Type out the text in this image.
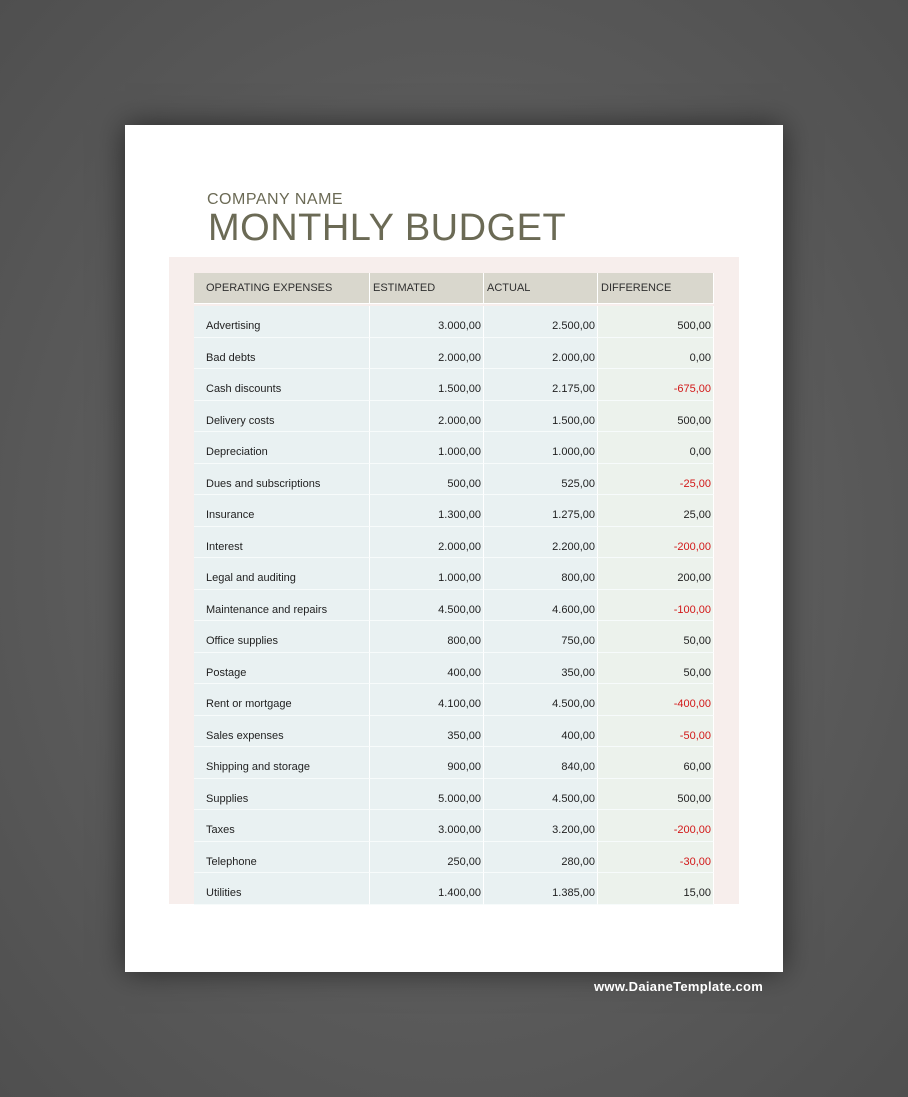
COMPANY NAME
MONTHLY BUDGET
OPERATING EXPENSES	ESTIMATED	ACTUAL	DIFFERENCE
Advertising	3.000,00	2.500,00	500,00
Bad debts	2.000,00	2.000,00	0,00
Cash discounts	1.500,00	2.175,00	-675,00
Delivery costs	2.000,00	1.500,00	500,00
Depreciation	1.000,00	1.000,00	0,00
Dues and subscriptions	500,00	525,00	-25,00
Insurance	1.300,00	1.275,00	25,00
Interest	2.000,00	2.200,00	-200,00
Legal and auditing	1.000,00	800,00	200,00
Maintenance and repairs	4.500,00	4.600,00	-100,00
Office supplies	800,00	750,00	50,00
Postage	400,00	350,00	50,00
Rent or mortgage	4.100,00	4.500,00	-400,00
Sales expenses	350,00	400,00	-50,00
Shipping and storage	900,00	840,00	60,00
Supplies	5.000,00	4.500,00	500,00
Taxes	3.000,00	3.200,00	-200,00
Telephone	250,00	280,00	-30,00
Utilities	1.400,00	1.385,00	15,00
www.DaianeTemplate.com
